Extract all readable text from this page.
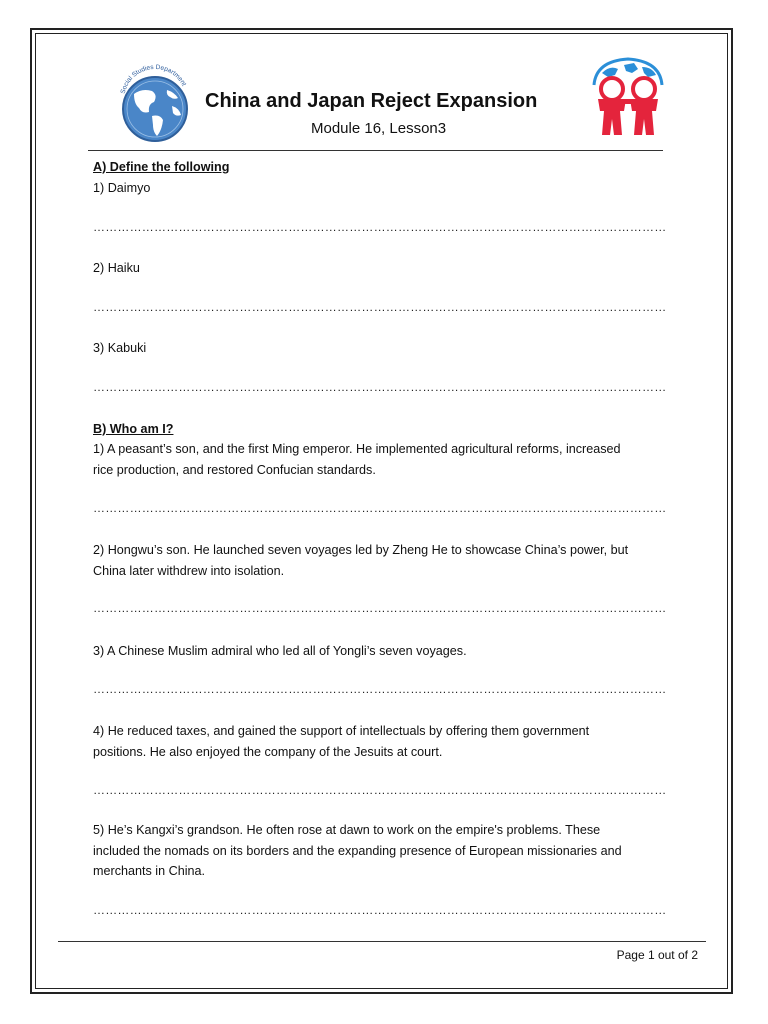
Social Studies Department
China and Japan Reject Expansion
Module 16, Lesson3
A) Define the following
1) Daimyo
……………………………………………………………………………………………………………………………
2) Haiku
……………………………………………………………………………………………………………………………
3) Kabuki
……………………………………………………………………………………………………………………………
B) Who am I?
1) A peasant’s son, and the first Ming emperor. He implemented agricultural reforms, increased
rice production, and restored Confucian standards.
……………………………………………………………………………………………………………………………
2) Hongwu’s son. He launched seven voyages led by Zheng He to showcase China’s power, but
China later withdrew into isolation.
……………………………………………………………………………………………………………………………
3) A Chinese Muslim admiral who led all of Yongli’s seven voyages.
……………………………………………………………………………………………………………………………
4) He reduced taxes, and gained the support of intellectuals by offering them government
positions. He also enjoyed the company of the Jesuits at court.
……………………………………………………………………………………………………………………………
5) He’s Kangxi’s grandson. He often rose at dawn to work on the empire's problems. These
included the nomads on its borders and the expanding presence of European missionaries and
merchants in China.
……………………………………………………………………………………………………………………………
Page 1 out of 2
